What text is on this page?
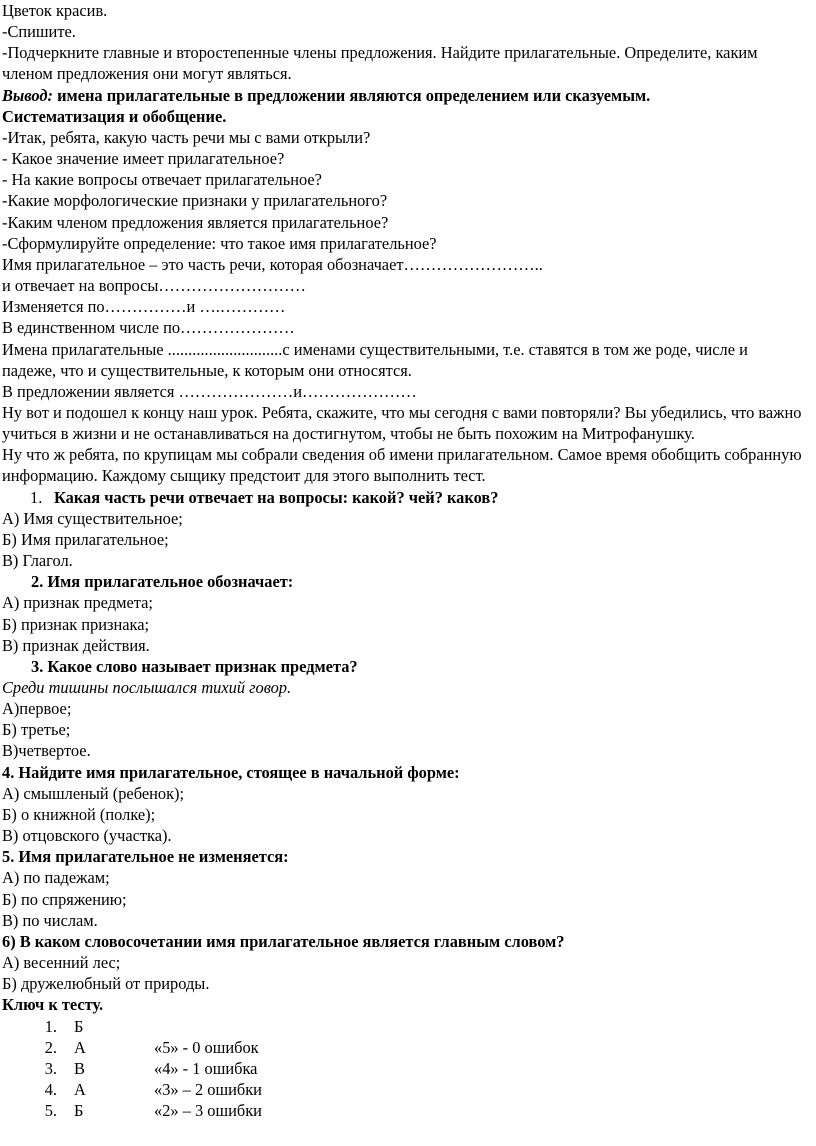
Цветок красив.

-Спишите.

-Подчеркните главные и второстепенные члены предложения. Найдите прилагательные. Определите, каким членом предложения они могут являться.

Вывод: имена прилагательные в предложении являются определением или сказуемым.

Систематизация и обобщение.

-Итак, ребята, какую часть речи мы с вами открыли?

- Какое значение имеет прилагательное?

- На какие вопросы отвечает прилагательное?

-Какие морфологические признаки у прилагательного?

-Каким членом предложения является прилагательное?

-Сформулируйте определение: что такое имя прилагательное?

Имя прилагательное – это часть речи, которая обозначает……………………..

и отвечает на вопросы………………………

Изменяется по……………и ….…………

В единственном числе по…………………

Имена прилагательные ............................с именами существительными, т.е. ставятся в том же роде, числе и падеже, что и существительные, к которым они относятся.

В предложении является …………………и…………………

Ну вот и подошел к концу наш урок. Ребята, скажите, что мы сегодня с вами повторяли? Вы убедились, что важно учиться в жизни и не останавливаться на достигнутом, чтобы не быть похожим на Митрофанушку.

Ну что ж ребята, по крупицам мы собрали сведения об имени прилагательном. Самое время обобщить собранную информацию. Каждому сыщику предстоит для этого выполнить тест.

1. Какая часть речи отвечает на вопросы: какой? чей? каков?

А) Имя существительное;

Б) Имя прилагательное;

В) Глагол.

2. Имя прилагательное обозначает:

А) признак предмета;

Б) признак признака;

В) признак действия.

3. Какое слово называет признак предмета?

Среди тишины послышался тихий говор.

А)первое;

Б) третье;

В)четвертое.

4. Найдите имя прилагательное, стоящее в начальной форме:

А) смышленый (ребенок);

Б) о книжной (полке);

В) отцовского (участка).

5. Имя прилагательное не изменяется:

А) по падежам;

Б) по спряжению;

В) по числам.

6) В каком словосочетании имя прилагательное является главным словом?

А) весенний лес;

Б) дружелюбный от природы.

Ключ к тесту.

1. Б
2. А	«5» - 0 ошибок
3. В	«4» - 1 ошибка
4. А	«3» – 2 ошибки
5. Б	«2» – 3 ошибки
